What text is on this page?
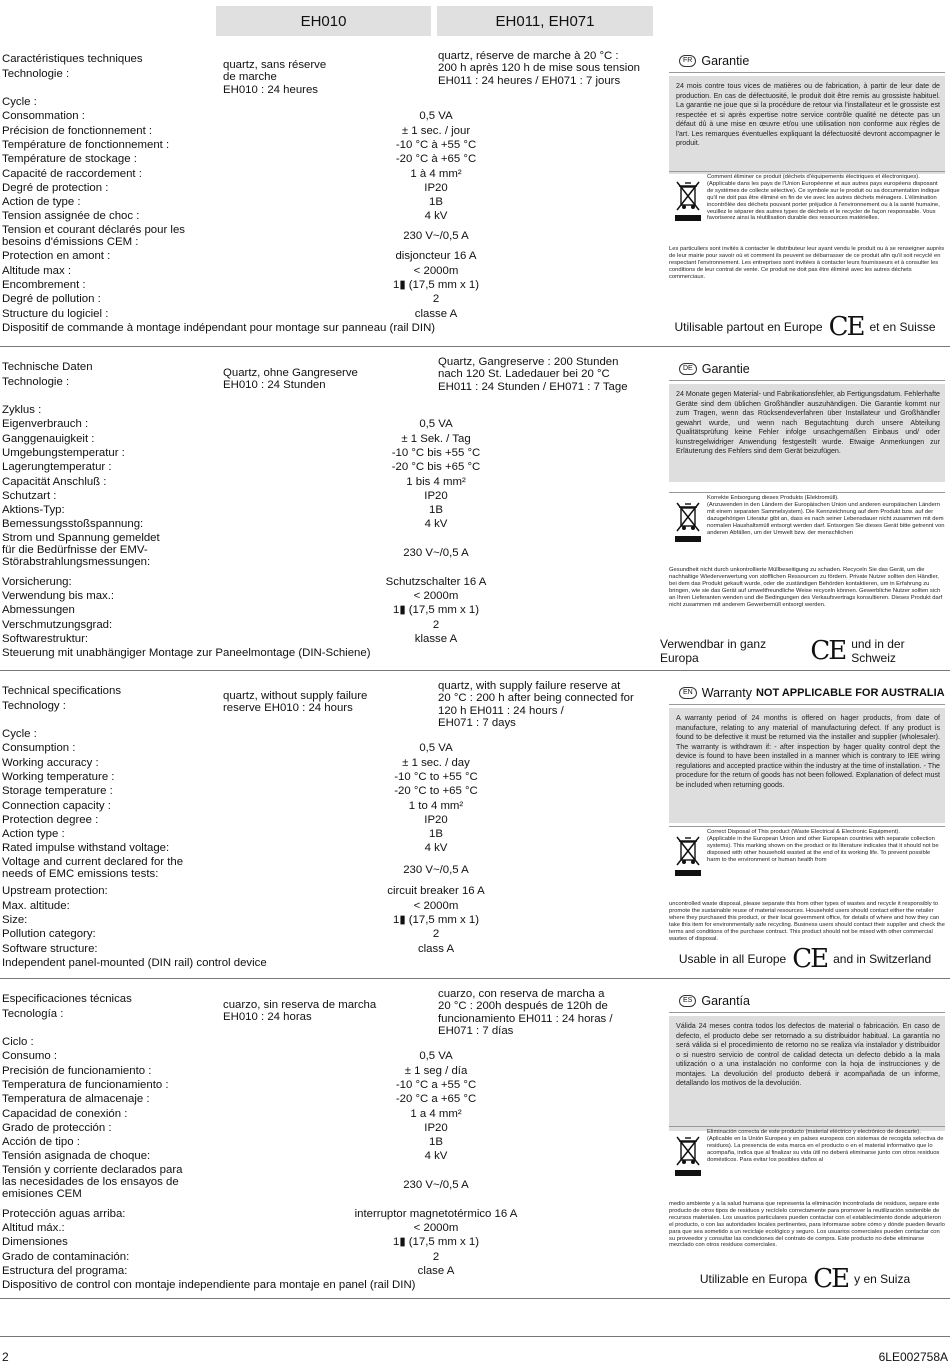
EH010	EH011, EH071
Caractéristiques techniques
Technologie :
quartz, sans réserve
de marche
EH010 : 24 heures
quartz, réserve de marche à 20 °C :
200 h après 120 h de mise sous tension
EH011 : 24 heures / EH071 : 7 jours
Cycle :
Consommation :	0,5 VA
Précision de fonctionnement :	± 1 sec. / jour
Température de fonctionnement :	-10 °C à +55 °C
Température de stockage :	-20 °C à +65 °C
Capacité de raccordement :	1 à 4 mm²
Degré de protection :	IP20
Action de type :	1B
Tension assignée de choc :	4 kV
Tension et courant déclarés pour les
besoins d'émissions CEM :	230 V~/0,5 A
Protection en amont :	disjoncteur 16 A
Altitude max :	< 2000m
Encombrement :	1▮ (17,5 mm x 1)
Degré de pollution :	2
Structure du logiciel :	classe A
Dispositif de commande à montage indépendant pour montage sur panneau (rail DIN)
FR Garantie
24 mois contre tous vices de matières ou de fabrication, à partir de leur date de production. En cas de défectuosité, le produit doit être remis au grossiste habituel. La garantie ne joue que si la procédure de retour via l'installateur et le grossiste est respectée et si après expertise notre service contrôle qualité ne détecte pas un défaut dû à une mise en œuvre et/ou une utilisation non conforme aux règles de l'art. Les remarques éventuelles expliquant la défectuosité devront accompagner le produit.
Comment éliminer ce produit (déchets d'équipements électriques et électroniques).
(Applicable dans les pays de l'Union Européenne et aux autres pays européens disposant de systèmes de collecte sélective). Ce symbole sur le produit ou sa documentation indique qu'il ne doit pas être éliminé en fin de vie avec les autres déchets ménagers. L'élimination incontrôlée des déchets pouvant porter préjudice à l'environnement ou à la santé humaine, veuillez le séparer des autres types de déchets et le recycler de façon responsable. Vous favoriserez ainsi la réutilisation durable des ressources matérielles.
Les particuliers sont invités à contacter le distributeur leur ayant vendu le produit ou à se renseigner auprès de leur mairie pour savoir où et comment ils peuvent se débarrasser de ce produit afin qu'il soit recyclé en respectant l'environnement. Les entreprises sont invitées à contacter leurs fournisseurs et à consulter les conditions de leur contrat de vente. Ce produit ne doit pas être éliminé avec les autres déchets commerciaux.
Utilisable partout en Europe CE et en Suisse
Technische Daten
Technologie :
Quartz, ohne Gangreserve
EH010 : 24 Stunden
Quartz, Gangreserve : 200 Stunden
nach 120 St. Ladedauer bei 20 °C
EH011 : 24 Stunden / EH071 : 7 Tage
Zyklus :
Eigenverbrauch :	0,5 VA
Ganggenauigkeit :	± 1 Sek. / Tag
Umgebungstemperatur :	-10 °C bis +55 °C
Lagerungtemperatur :	-20 °C bis +65 °C
Capacität Anschluß :	1 bis 4 mm²
Schutzart :	IP20
Aktions-Typ:	1B
Bemessungsstoßspannung:	4 kV
Strom und Spannung gemeldet
für die Bedürfnisse der EMV-
Störabstrahlungsmessungen:
230 V~/0,5 A
Vorsicherung:	Schutzschalter 16 A
Verwendung bis max.:	< 2000m
Abmessungen	1▮ (17,5 mm x 1)
Verschmutzungsgrad:	2
Softwarestruktur:	klasse A
Steuerung mit unabhängiger Montage zur Paneelmontage (DIN-Schiene)
DE Garantie
24 Monate gegen Material- und Fabrikationsfehler, ab Fertigungsdatum. Fehlerhafte Geräte sind dem üblichen Großhändler auszuhändigen. Die Garantie kommt nur zum Tragen, wenn das Rücksendeverfahren über Installateur und Großhändler gewahrt wurde, und wenn nach Begutachtung durch unsere Abteilung Qualitätsprüfung keine Fehler infolge unsachgemäßen Einbaus und/ oder kunstregelwidriger Anwendung festgestellt wurde. Etwaige Anmerkungen zur Erläuterung des Fehlers sind dem Gerät beizufügen.
Korrekte Entsorgung dieses Produkts (Elektromüll).
(Anzuwenden in den Ländern der Europäischen Union und anderen europäischen Ländern mit einem separaten Sammelsystem). Die Kennzeichnung auf dem Produkt bzw. auf der dazugehörigen Literatur gibt an, dass es nach seiner Lebensdauer nicht zusammen mit dem normalen Haushaltsmüll entsorgt werden darf. Entsorgen Sie dieses Gerät bitte getrennt von anderen Abfällen, um der Umwelt bzw. der menschlichen
Gesundheit nicht durch unkontrollierte Müllbeseitigung zu schaden. Recyceln Sie das Gerät, um die nachhaltige Wiederverwertung von stofflichen Ressourcen zu fördern. Private Nutzer sollten den Händler, bei dem das Produkt gekauft wurde, oder die zuständigen Behörden kontaktieren, um in Erfahrung zu bringen, wie sie das Gerät auf umweltfreundliche Weise recyceln können. Gewerbliche Nutzer sollten sich an Ihren Lieferanten wenden und die Bedingungen des Verkaufsvertrags konsultieren. Dieses Produkt darf nicht zusammen mit anderem Gewerbemüll entsorgt werden.
Verwendbar in ganz Europa	CE und in der Schweiz
Technical specifications
Technology :
quartz, without supply failure
reserve EH010 : 24 hours
quartz, with supply failure reserve at
20 °C : 200 h after being connected for
120 h EH011 : 24 hours /
EH071 : 7 days
Cycle :
Consumption :	0,5 VA
Working accuracy :	± 1 sec. / day
Working temperature :	-10 °C to +55 °C
Storage temperature :	-20 °C to +65 °C
Connection capacity :	1 to 4 mm²
Protection degree :	IP20
Action type :	1B
Rated impulse withstand voltage:	4 kV
Voltage and current declared for the
needs of EMC emissions tests:	230 V~/0,5 A
Upstream protection:	circuit breaker 16 A
Max. altitude:	< 2000m
Size:	1▮ (17,5 mm x 1)
Pollution category:	2
Software structure:	class A
Independent panel-mounted (DIN rail) control device
EN Warranty NOT APPLICABLE FOR AUSTRALIA
A warranty period of 24 months is offered on hager products, from date of manufacture, relating to any material of manufacturing defect. If any product is found to be defective it must be returned via the installer and supplier (wholesaler). The warranty is withdrawn if: - after inspection by hager quality control dept the device is found to have been installed in a manner which is contrary to IEE wiring regulations and accepted practice within the industry at the time of installation. - The procedure for the return of goods has not been followed. Explanation of defect must be included when returning goods.
Correct Disposal of This product (Waste Electrical & Electronic Equipment).
(Applicable in the European Union and other European countries with separate collection systems). This marking shown on the product or its literature indicates that it should not be disposed with other household wasted at the end of its working life. To prevent possible harm to the environment or human health from
uncontrolled waste disposal, please separate this from other types of wastes and recycle it responsibly to promote the sustainable reuse of material resources. Household users should contact either the retailer where they purchased this product, or their local government office, for details of where and how they can take this item for environmentally safe recycling. Business users should contact their supplier and check the terms and conditions of the purchase contract. This product should not be mixed with other commercial wastes of disposal.
Usable in all Europe CE and in Switzerland
Especificaciones técnicas
Tecnología :
cuarzo, sin reserva de marcha
EH010 : 24 horas
cuarzo, con reserva de marcha a
20 °C : 200h después de 120h de
funcionamiento EH011 : 24 horas /
EH071 : 7 días
Ciclo :
Consumo :	0,5 VA
Precisión de funcionamiento :	± 1 seg / día
Temperatura de funcionamiento :	-10 °C a +55 °C
Temperatura de almacenaje :	-20 °C a +65 °C
Capacidad de conexión :	1 a 4 mm²
Grado de protección :	IP20
Acción de tipo :	1B
Tensión asignada de choque:	4 kV
Tensión y corriente declarados para
las necesidades de los ensayos de
emisiones CEM
230 V~/0,5 A
Protección aguas arriba:	interruptor magnetotérmico 16 A
Altitud máx.:	< 2000m
Dimensiones	1▮ (17,5 mm x 1)
Grado de contaminación:	2
Estructura del programa:	clase A
Dispositivo de control con montaje independiente para montaje en panel (rail DIN)
ES Garantía
Válida 24 meses contra todos los defectos de material o fabricación. En caso de defecto, el producto debe ser retornado a su distribuidor habitual. La garantía no será válida si el procedimiento de retorno no se realiza vía instalador y distribuidor o si nuestro servicio de control de calidad detecta un defecto debido a la mala utilización o a una instalación no conforme con la hoja de instrucciones y de montajes. La devolución del producto deberá ir acompañada de un informe, detallando los motivos de la devolución.
Eliminación correcta de este producto (material eléctrico y electrónico de descarte).
(Aplicable en la Unión Europea y en países europeos con sistemas de recogida selectiva de residuos). La presencia de esta marca en el producto o en el material informativo que lo acompaña, indica que al finalizar su vida útil no deberá eliminarse junto con otros residuos domésticos. Para evitar los posibles daños al
medio ambiente y a la salud humana que representa la eliminación incontrolada de residuos, separe este producto de otros tipos de residuos y recíclelo correctamente para promover la reutilización sostenible de recursos materiales. Los usuarios particulares pueden contactar con el establecimiento donde adquirieron el producto, o con las autoridades locales pertinentes, para informarse sobre cómo y dónde pueden llevarlo para que sea sometido a un reciclaje ecológico y seguro. Los usuarios comerciales pueden contactar con su proveedor y consultar las condiciones del contrato de compra. Este producto no debe eliminarse mezclado con otros residuos comerciales.
Utilizable en Europa CE y en Suiza
2	6LE002758A
